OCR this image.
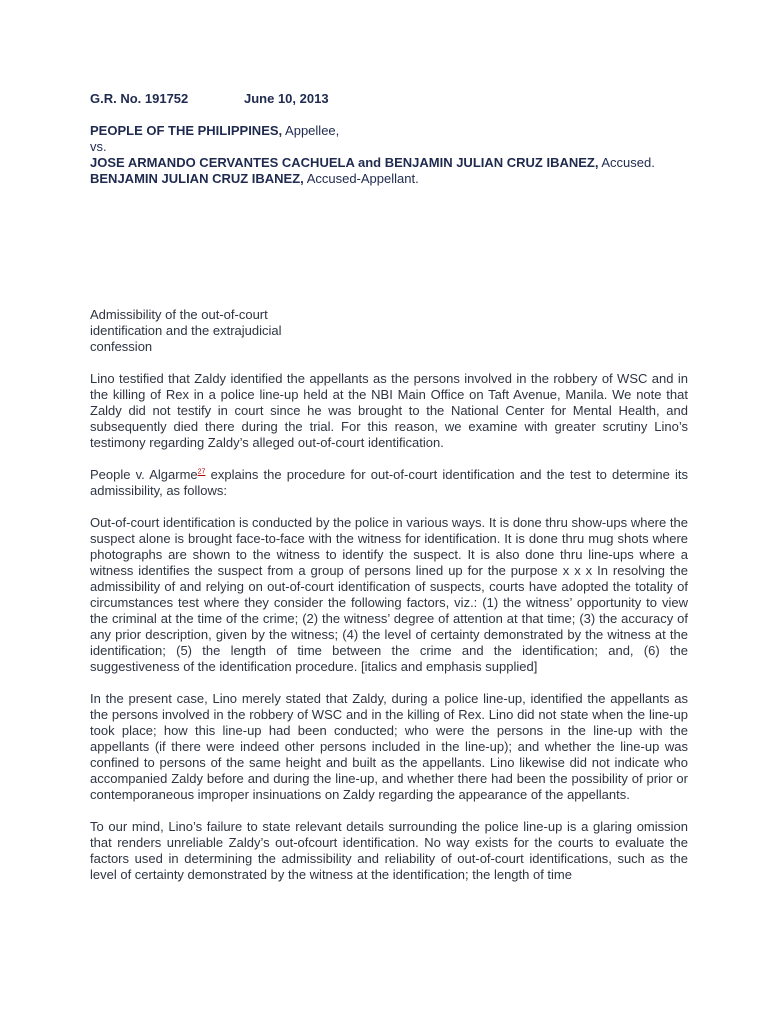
G.R. No. 191752	June 10, 2013
PEOPLE OF THE PHILIPPINES, Appellee,
vs.
JOSE ARMANDO CERVANTES CACHUELA and BENJAMIN JULIAN CRUZ IBANEZ, Accused.
BENJAMIN JULIAN CRUZ IBANEZ, Accused-Appellant.
Admissibility of the out-of-court identification and the extrajudicial confession

Lino testified that Zaldy identified the appellants as the persons involved in the robbery of WSC and in the killing of Rex in a police line-up held at the NBI Main Office on Taft Avenue, Manila. We note that Zaldy did not testify in court since he was brought to the National Center for Mental Health, and subsequently died there during the trial. For this reason, we examine with greater scrutiny Lino’s testimony regarding Zaldy’s alleged out-of-court identification.

People v. Algarme$^{27}$ explains the procedure for out-of-court identification and the test to determine its admissibility, as follows:

Out-of-court identification is conducted by the police in various ways. It is done thru show-ups where the suspect alone is brought face-to-face with the witness for identification. It is done thru mug shots where photographs are shown to the witness to identify the suspect. It is also done thru line-ups where a witness identifies the suspect from a group of persons lined up for the purpose x x x In resolving the admissibility of and relying on out-of-court identification of suspects, courts have adopted the totality of circumstances test where they consider the following factors, viz.: (1) the witness’ opportunity to view the criminal at the time of the crime; (2) the witness’ degree of attention at that time; (3) the accuracy of any prior description, given by the witness; (4) the level of certainty demonstrated by the witness at the identification; (5) the length of time between the crime and the identification; and, (6) the suggestiveness of the identification procedure. [italics and emphasis supplied]

In the present case, Lino merely stated that Zaldy, during a police line-up, identified the appellants as the persons involved in the robbery of WSC and in the killing of Rex. Lino did not state when the line-up took place; how this line-up had been conducted; who were the persons in the line-up with the appellants (if there were indeed other persons included in the line-up); and whether the line-up was confined to persons of the same height and built as the appellants. Lino likewise did not indicate who accompanied Zaldy before and during the line-up, and whether there had been the possibility of prior or contemporaneous improper insinuations on Zaldy regarding the appearance of the appellants.

To our mind, Lino’s failure to state relevant details surrounding the police line-up is a glaring omission that renders unreliable Zaldy’s out-ofcourt identification. No way exists for the courts to evaluate the factors used in determining the admissibility and reliability of out-of-court identifications, such as the level of certainty demonstrated by the witness at the identification; the length of time
